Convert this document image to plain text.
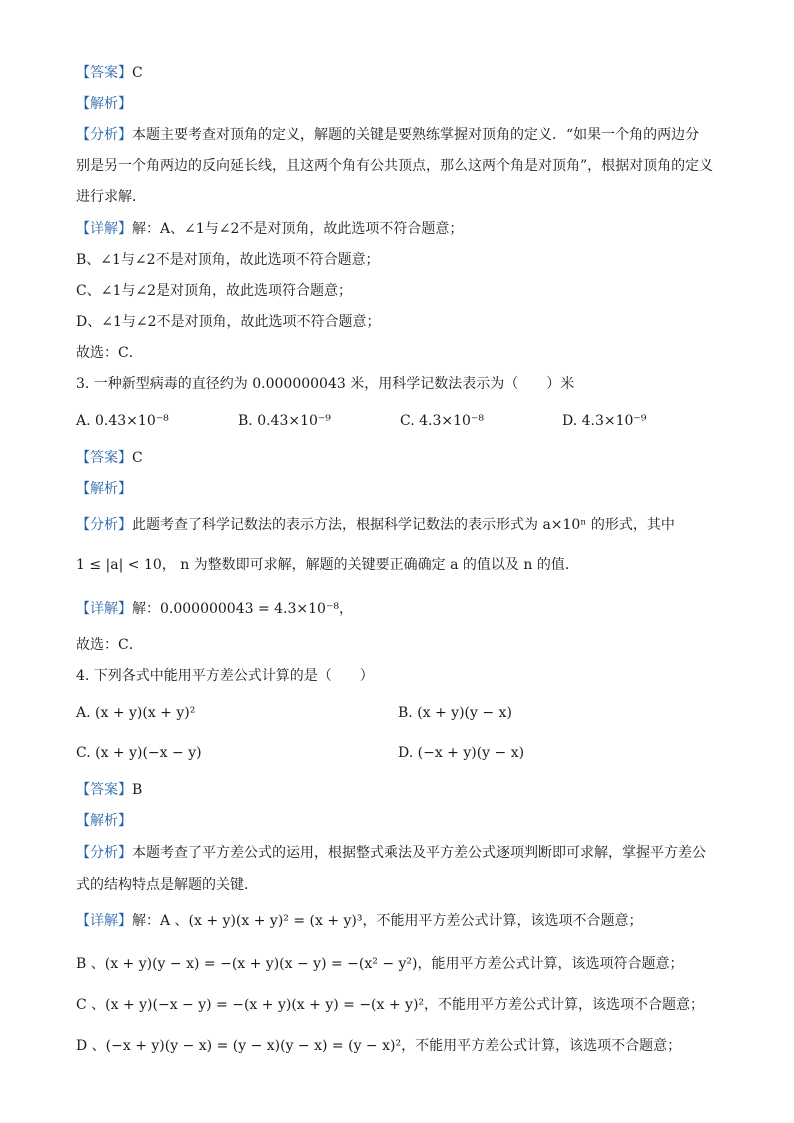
【答案】C
【解析】
【分析】本题主要考查对顶角的定义，解题的关键是要熟练掌握对顶角的定义．“如果一个角的两边分
别是另一个角两边的反向延长线，且这两个角有公共顶点，那么这两个角是对顶角”，根据对顶角的定义
进行求解．
【详解】解：A、∠1与∠2不是对顶角，故此选项不符合题意；
B、∠1与∠2不是对顶角，故此选项不符合题意；
C、∠1与∠2是对顶角，故此选项符合题意；
D、∠1与∠2不是对顶角，故此选项不符合题意；
故选：C．
3. 一种新型病毒的直径约为 0.000000043 米，用科学记数法表示为（　　）米
A. 0.43×10⁻⁸	B. 0.43×10⁻⁹	C. 4.3×10⁻⁸	D. 4.3×10⁻⁹
【答案】C
【解析】
【分析】此题考查了科学记数法的表示方法，根据科学记数法的表示形式为 a×10ⁿ 的形式，其中
1 ≤ |a| < 10， n 为整数即可求解，解题的关键要正确确定 a 的值以及 n 的值．
【详解】解：0.000000043 = 4.3×10⁻⁸，
故选：C．
4. 下列各式中能用平方差公式计算的是（　　）
A. (x + y)(x + y)²	B. (x + y)(y − x)
C. (x + y)(−x − y)	D. (−x + y)(y − x)
【答案】B
【解析】
【分析】本题考查了平方差公式的运用，根据整式乘法及平方差公式逐项判断即可求解，掌握平方差公
式的结构特点是解题的关键．
【详解】解：A 、(x + y)(x + y)² = (x + y)³，不能用平方差公式计算，该选项不合题意；
B 、(x + y)(y − x) = −(x + y)(x − y) = −(x² − y²)，能用平方差公式计算，该选项符合题意；
C 、(x + y)(−x − y) = −(x + y)(x + y) = −(x + y)²，不能用平方差公式计算，该选项不合题意；
D 、(−x + y)(y − x) = (y − x)(y − x) = (y − x)²，不能用平方差公式计算，该选项不合题意；
